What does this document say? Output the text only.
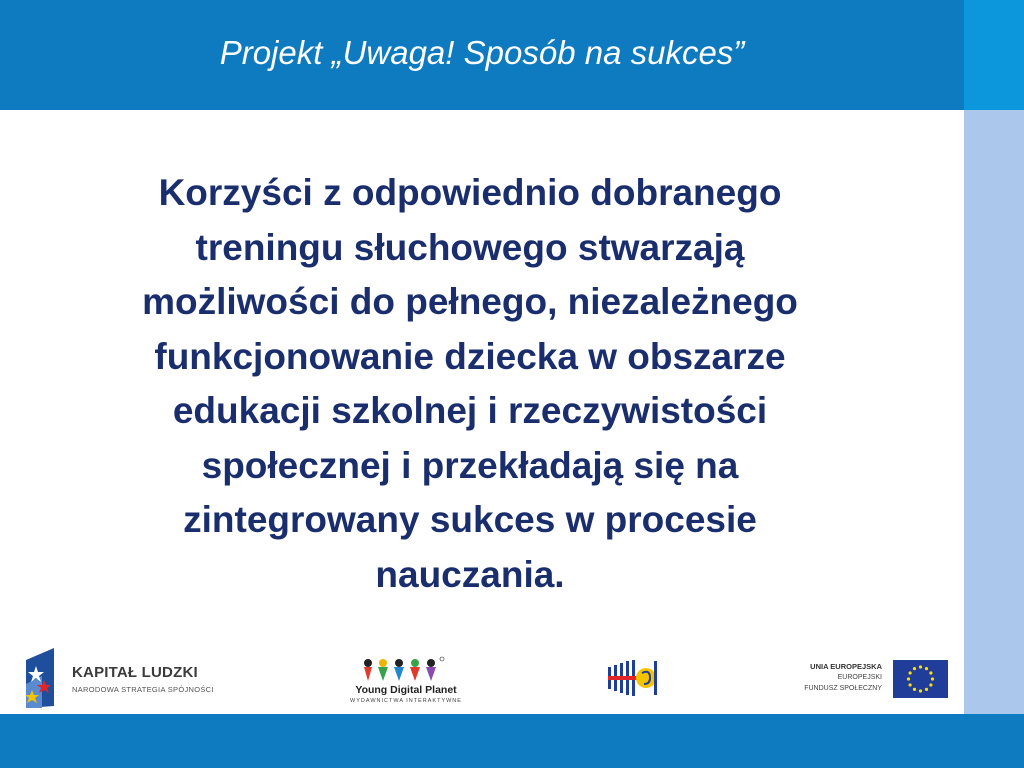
Projekt „Uwaga! Sposób na sukces”
Korzyści z odpowiednio dobranego
treningu słuchowego stwarzają
możliwości do pełnego, niezależnego
funkcjonowanie dziecka w obszarze
edukacji szkolnej i rzeczywistości
społecznej i przekładają się na
zintegrowany sukces w procesie
nauczania.
KAPITAŁ LUDZKI
NARODOWA STRATEGIA SPÓJNOŚCI	Young Digital Planet
WYDAWNICTWA INTERAKTYWNE
UNIA EUROPEJSKA
EUROPEJSKI
FUNDUSZ SPOŁECZNY
